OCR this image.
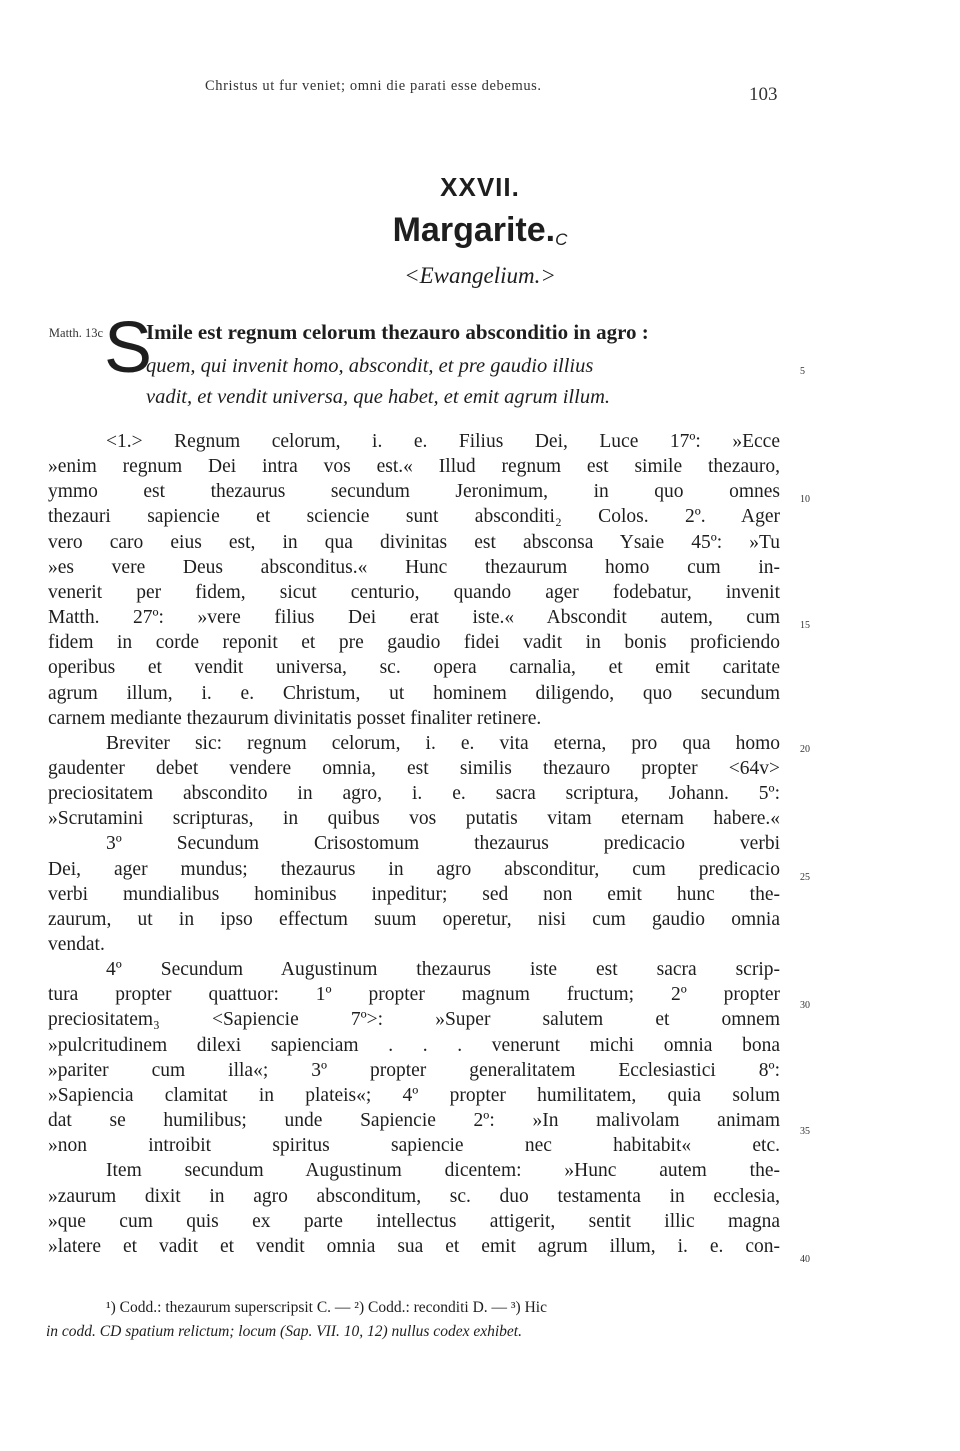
Christus ut fur veniet; omni die parati esse debemus.	103
XXVII.
$Margarite._C$
<Ewangelium.>
Matth. 13c S
Imile est regnum celorum thezauro absconditio in agro :
quem, qui invenit homo, abscondit, et pre gaudio illius
vadit, et vendit universa, que habet, et emit agrum illum.
<1.> Regnum celorum, i. e. Filius Dei, Luce 17º: »Ecce
»enim regnum Dei intra vos est.« Illud regnum est simile thezauro,
ymmo est thezaurus secundum Jeronimum, in quo omnes
thezauri sapiencie et sciencie sunt absconditi₂ Colos. 2º. Ager
vero caro eius est, in qua divinitas est absconsa Ysaie 45º: »Tu
»es vere Deus absconditus.« Hunc thezaurum homo cum in-
venerit per fidem, sicut centurio, quando ager fodebatur, invenit
Matth. 27º: »vere filius Dei erat iste.« Abscondit autem, cum
fidem in corde reponit et pre gaudio fidei vadit in bonis proficiendo
operibus et vendit universa, sc. opera carnalia, et emit caritate
agrum illum, i. e. Christum, ut hominem diligendo, quo secundum
carnem mediante thezaurum divinitatis posset finaliter retinere.
Breviter sic: regnum celorum, i. e. vita eterna, pro qua homo
gaudenter debet vendere omnia, est similis thezauro propter <64v>
preciositatem abscondito in agro, i. e. sacra scriptura, Johann. 5º:
»Scrutamini scripturas, in quibus vos putatis vitam eternam habere.«
3º Secundum Crisostomum thezaurus predicacio verbi
Dei, ager mundus; thezaurus in agro absconditur, cum predicacio
verbi mundialibus hominibus inpeditur; sed non emit hunc the-
zaurum, ut in ipso effectum suum operetur, nisi cum gaudio omnia
vendat.
4º Secundum Augustinum thezaurus iste est sacra scrip-
tura propter quattuor: 1º propter magnum fructum; 2º propter
preciositatem₃ <Sapiencie 7º>: »Super salutem et omnem
»pulcritudinem dilexi sapienciam . . . venerunt michi omnia bona
»pariter cum illa«; 3º propter generalitatem Ecclesiastici 8º:
»Sapiencia clamitat in plateis«; 4º propter humilitatem, quia solum
dat se humilibus; unde Sapiencie 2º: »In malivolam animam
»non introibit spiritus sapiencie nec habitabit« etc.
Item secundum Augustinum dicentem: »Hunc autem the-
»zaurum dixit in agro absconditum, sc. duo testamenta in ecclesia,
»que cum quis ex parte intellectus attigerit, sentit illic magna
»latere et vadit et vendit omnia sua et emit agrum illum, i. e. con-
5
10
15
20
25
30
35
40
¹) Codd.: thezaurum superscripsit C. — ²) Codd.: reconditi D. — ³) Hic
in codd. CD spatium relictum; locum (Sap. VII. 10, 12) nullus codex exhibet.
